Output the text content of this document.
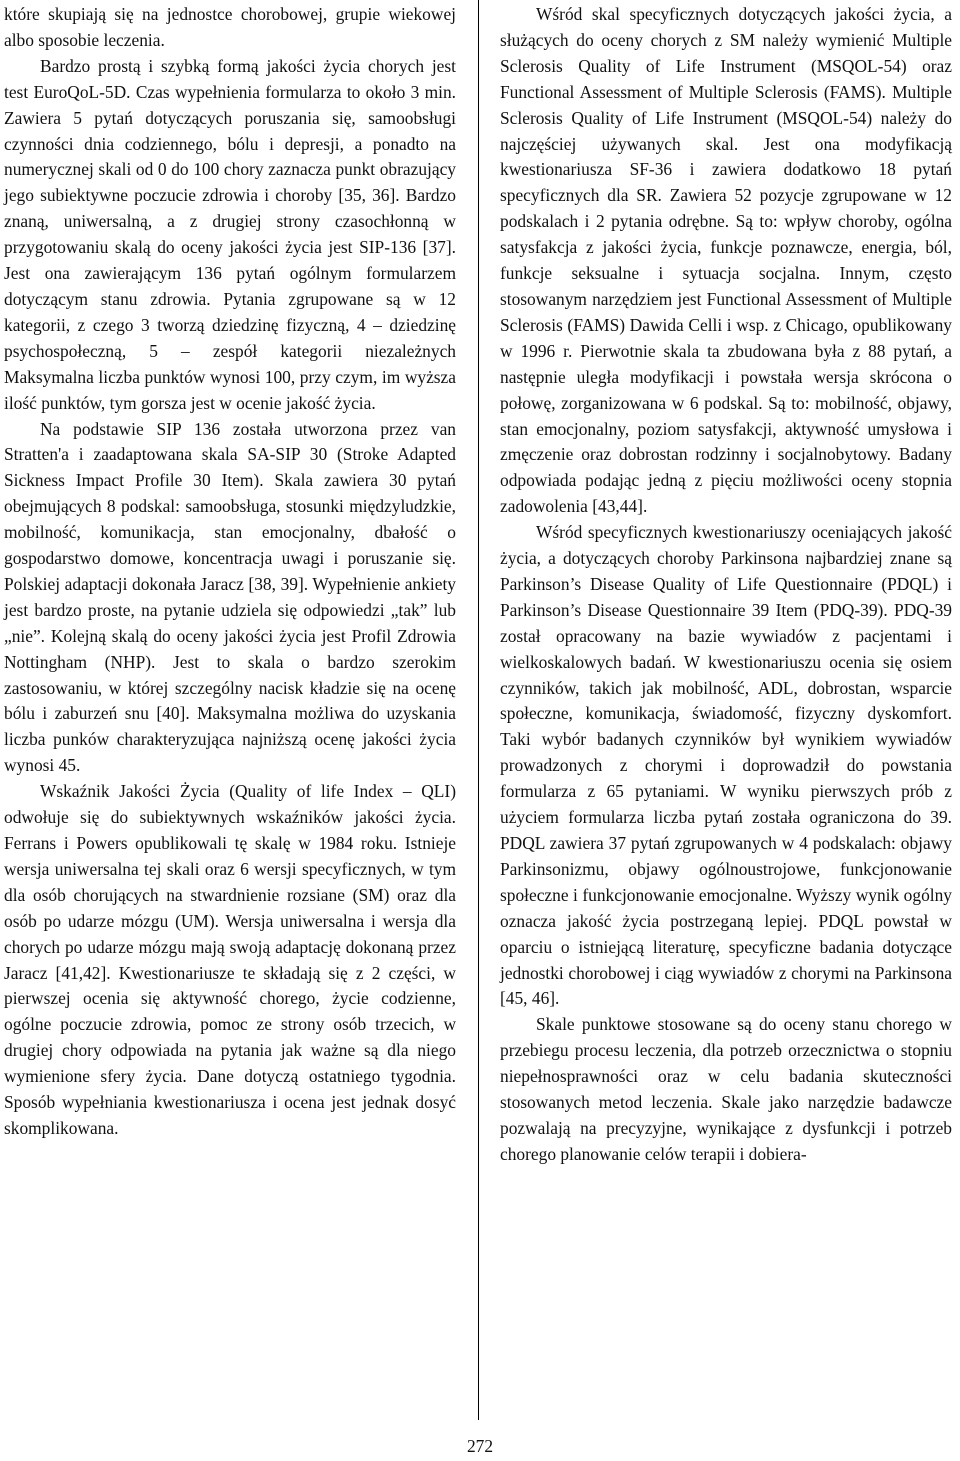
które skupiają się na jednostce chorobowej, grupie wiekowej albo sposobie leczenia.

Bardzo prostą i szybką formą jakości życia chorych jest test EuroQoL-5D. Czas wypełnienia formularza to około 3 min. Zawiera 5 pytań dotyczących poruszania się, samoobsługi czynności dnia codziennego, bólu i depresji, a ponadto na numerycznej skali od 0 do 100 chory zaznacza punkt obrazujący jego subiektywne poczucie zdrowia i choroby [35, 36]. Bardzo znaną, uniwersalną, a z drugiej strony czasochłonną w przygotowaniu skalą do oceny jakości życia jest SIP-136 [37]. Jest ona zawierającym 136 pytań ogólnym formularzem dotyczącym stanu zdrowia. Pytania zgrupowane są w 12 kategorii, z czego 3 tworzą dziedzinę fizyczną, 4 – dziedzinę psychospołeczną, 5 – zespół kategorii niezależnych Maksymalna liczba punktów wynosi 100, przy czym, im wyższa ilość punktów, tym gorsza jest w ocenie jakość życia.

Na podstawie SIP 136 została utworzona przez van Stratten'a i zaadaptowana skala SA-SIP 30 (Stroke Adapted Sickness Impact Profile 30 Item). Skala zawiera 30 pytań obejmujących 8 podskal: samoobsługa, stosunki międzyludzkie, mobilność, komunikacja, stan emocjonalny, dbałość o gospodarstwo domowe, koncentracja uwagi i poruszanie się. Polskiej adaptacji dokonała Jaracz [38, 39]. Wypełnienie ankiety jest bardzo proste, na pytanie udziela się odpowiedzi „tak” lub „nie”. Kolejną skalą do oceny jakości życia jest Profil Zdrowia Nottingham (NHP). Jest to skala o bardzo szerokim zastosowaniu, w której szczególny nacisk kładzie się na ocenę bólu i zaburzeń snu [40]. Maksymalna możliwa do uzyskania liczba punków charakteryzująca najniższą ocenę jakości życia wynosi 45.

Wskaźnik Jakości Życia (Quality of life Index – QLI) odwołuje się do subiektywnych wskaźników jakości życia. Ferrans i Powers opublikowali tę skalę w 1984 roku. Istnieje wersja uniwersalna tej skali oraz 6 wersji specyficznych, w tym dla osób chorujących na stwardnienie rozsiane (SM) oraz dla osób po udarze mózgu (UM). Wersja uniwersalna i wersja dla chorych po udarze mózgu mają swoją adaptację dokonaną przez Jaracz [41,42]. Kwestionariusze te składają się z 2 części, w pierwszej ocenia się aktywność chorego, życie codzienne, ogólne poczucie zdrowia, pomoc ze strony osób trzecich, w drugiej chory odpowiada na pytania jak ważne są dla niego wymienione sfery życia. Dane dotyczą ostatniego tygodnia. Sposób wypełniania kwestionariusza i ocena jest jednak dosyć skomplikowana.

Wśród skal specyficznych dotyczących jakości życia, a służących do oceny chorych z SM należy wymienić Multiple Sclerosis Quality of Life Instrument (MSQOL-54) oraz Functional Assessment of Multiple Sclerosis (FAMS). Multiple Sclerosis Quality of Life Instrument (MSQOL-54) należy do najczęściej używanych skal. Jest ona modyfikacją kwestionariusza SF-36 i zawiera dodatkowo 18 pytań specyficznych dla SR. Zawiera 52 pozycje zgrupowane w 12 podskalach i 2 pytania odrębne. Są to: wpływ choroby, ogólna satysfakcja z jakości życia, funkcje poznawcze, energia, ból, funkcje seksualne i sytuacja socjalna. Innym, często stosowanym narzędziem jest Functional Assessment of Multiple Sclerosis (FAMS) Dawida Celli i wsp. z Chicago, opublikowany w 1996 r. Pierwotnie skala ta zbudowana była z 88 pytań, a następnie uległa modyfikacji i powstała wersja skrócona o połowę, zorganizowana w 6 podskal. Są to: mobilność, objawy, stan emocjonalny, poziom satysfakcji, aktywność umysłowa i zmęczenie oraz dobrostan rodzinny i socjalnobytowy. Badany odpowiada podając jedną z pięciu możliwości oceny stopnia zadowolenia [43,44].

Wśród specyficznych kwestionariuszy oceniających jakość życia, a dotyczących choroby Parkinsona najbardziej znane są Parkinson’s Disease Quality of Life Questionnaire (PDQL) i Parkinson’s Disease Questionnaire 39 Item (PDQ-39). PDQ-39 został opracowany na bazie wywiadów z pacjentami i wielkoskalowych badań. W kwestionariuszu ocenia się osiem czynników, takich jak mobilność, ADL, dobrostan, wsparcie społeczne, komunikacja, świadomość, fizyczny dyskomfort. Taki wybór badanych czynników był wynikiem wywiadów prowadzonych z chorymi i doprowadził do powstania formularza z 65 pytaniami. W wyniku pierwszych prób z użyciem formularza liczba pytań została ograniczona do 39. PDQL zawiera 37 pytań zgrupowanych w 4 podskalach: objawy Parkinsonizmu, objawy ogólnoustrojowe, funkcjonowanie społeczne i funkcjonowanie emocjonalne. Wyższy wynik ogólny oznacza jakość życia postrzeganą lepiej. PDQL powstał w oparciu o istniejącą literaturę, specyficzne badania dotyczące jednostki chorobowej i ciąg wywiadów z chorymi na Parkinsona [45, 46].

Skale punktowe stosowane są do oceny stanu chorego w przebiegu procesu leczenia, dla potrzeb orzecznictwa o stopniu niepełnosprawności oraz w celu badania skuteczności stosowanych metod leczenia. Skale jako narzędzie badawcze pozwalają na precyzyjne, wynikające z dysfunkcji i potrzeb chorego planowanie celów terapii i dobiera-

272
